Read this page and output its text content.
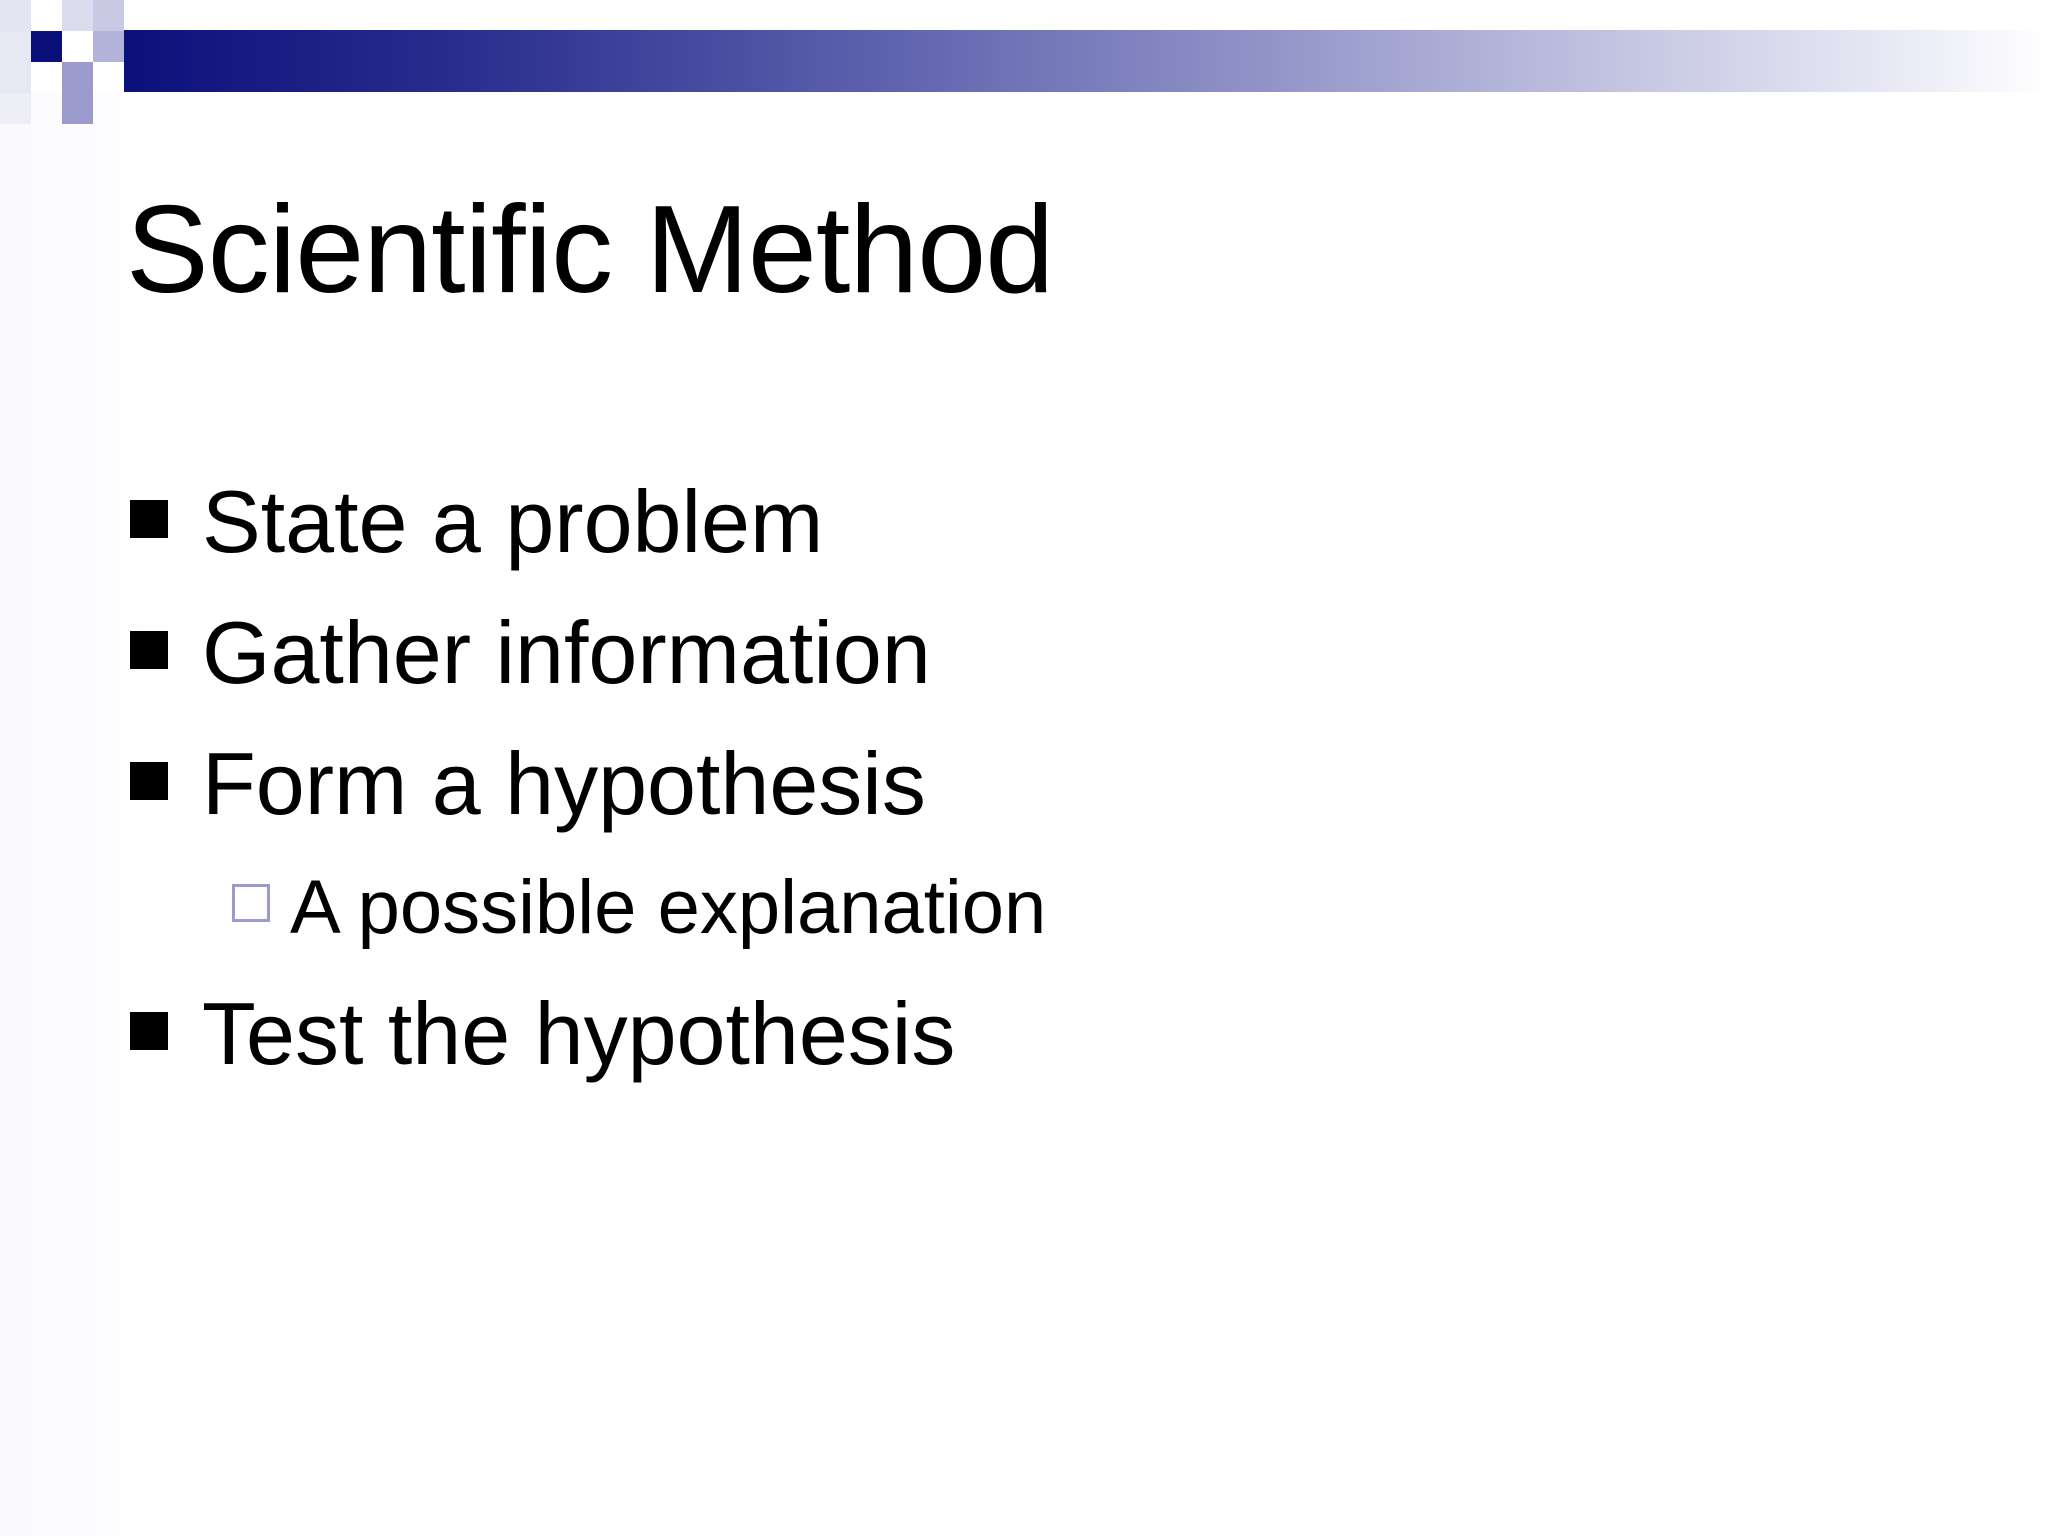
Scientific Method
State a problem
Gather information
Form a hypothesis
A possible explanation
Test the hypothesis
